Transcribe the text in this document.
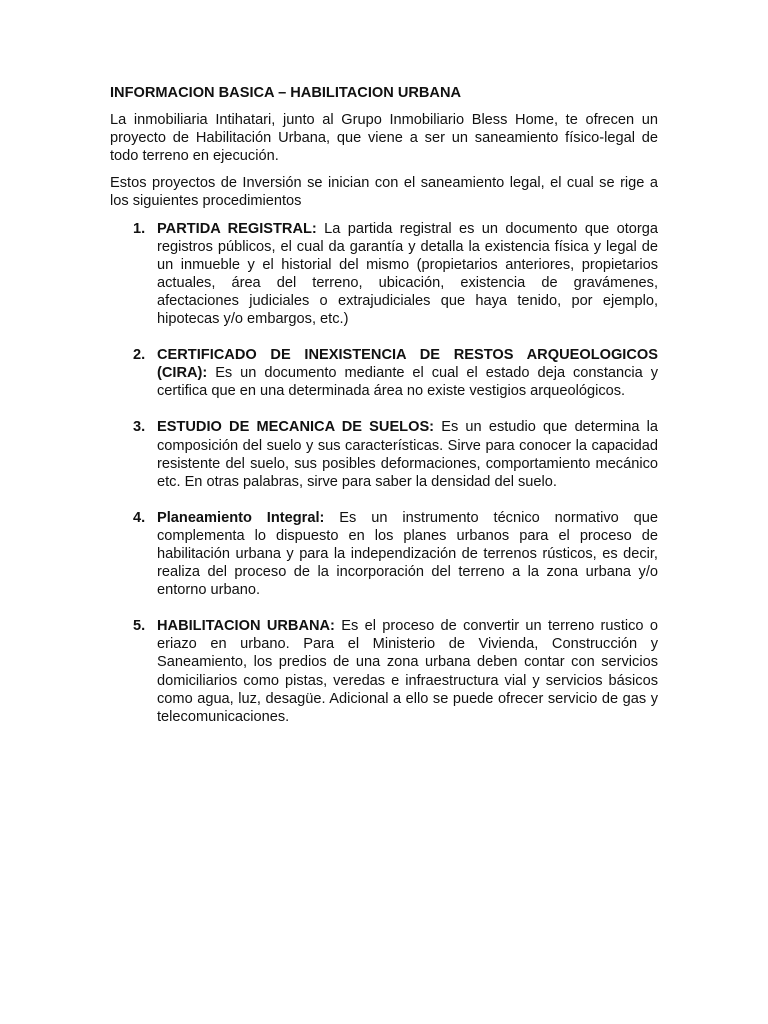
INFORMACION BASICA – HABILITACION URBANA
La inmobiliaria Intihatari, junto al Grupo Inmobiliario Bless Home, te ofrecen un proyecto de Habilitación Urbana, que viene a ser un saneamiento físico-legal de todo terreno en ejecución.
Estos proyectos de Inversión se inician con el saneamiento legal, el cual se rige a los siguientes procedimientos
1. PARTIDA REGISTRAL: La partida registral es un documento que otorga registros públicos, el cual da garantía y detalla la existencia física y legal de un inmueble y el historial del mismo (propietarios anteriores, propietarios actuales, área del terreno, ubicación, existencia de gravámenes, afectaciones judiciales o extrajudiciales que haya tenido, por ejemplo, hipotecas y/o embargos, etc.)
2. CERTIFICADO DE INEXISTENCIA DE RESTOS ARQUEOLOGICOS (CIRA): Es un documento mediante el cual el estado deja constancia y certifica que en una determinada área no existe vestigios arqueológicos.
3. ESTUDIO DE MECANICA DE SUELOS: Es un estudio que determina la composición del suelo y sus características. Sirve para conocer la capacidad resistente del suelo, sus posibles deformaciones, comportamiento mecánico etc. En otras palabras, sirve para saber la densidad del suelo.
4. Planeamiento Integral: Es un instrumento técnico normativo que complementa lo dispuesto en los planes urbanos para el proceso de habilitación urbana y para la independización de terrenos rústicos, es decir, realiza del proceso de la incorporación del terreno a la zona urbana y/o entorno urbano.
5. HABILITACION URBANA: Es el proceso de convertir un terreno rustico o eriazo en urbano. Para el Ministerio de Vivienda, Construcción y Saneamiento, los predios de una zona urbana deben contar con servicios domiciliarios como pistas, veredas e infraestructura vial y servicios básicos como agua, luz, desagüe. Adicional a ello se puede ofrecer servicio de gas y telecomunicaciones.
